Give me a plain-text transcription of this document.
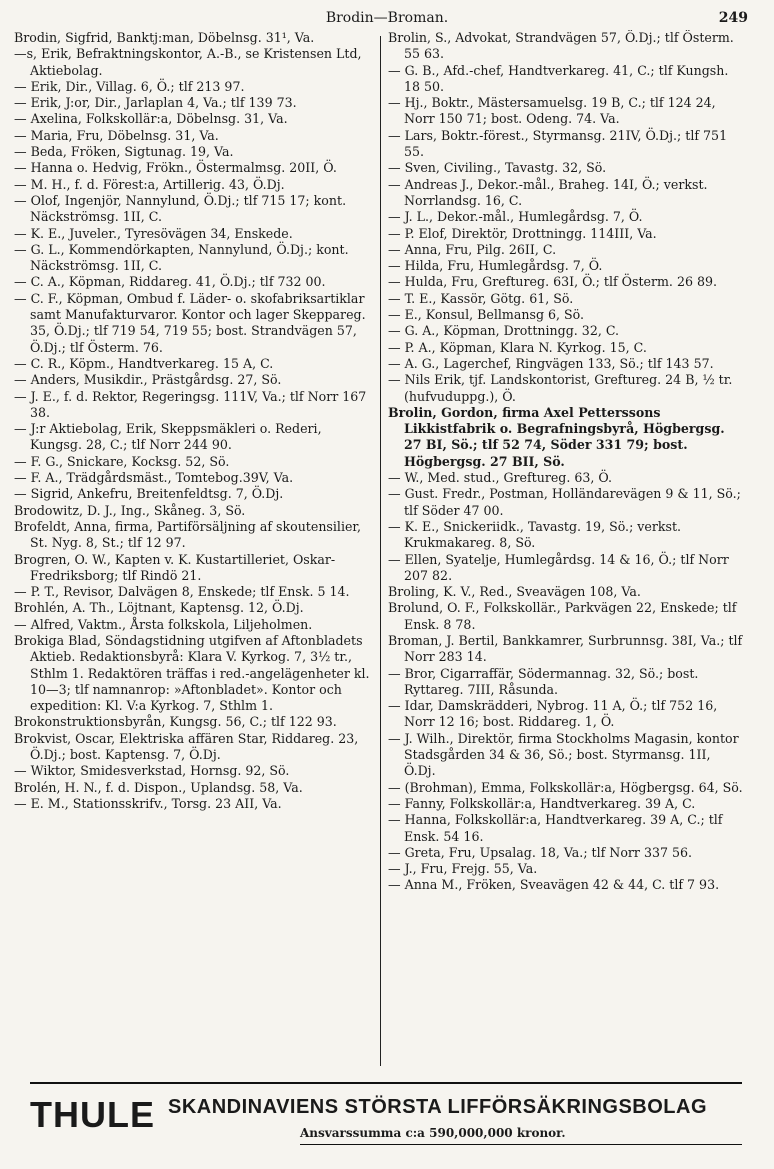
Brodin—Broman.	249
Brodin, Sigfrid, Banktj:man, Döbelnsg. 31¹, Va.
—s, Erik, Befraktningskontor, A.-B., se Kristensen Ltd, Aktiebolag.
— Erik, Dir., Villag. 6, Ö.; tlf 213 97.
— Erik, J:or, Dir., Jarlaplan 4, Va.; tlf 139 73.
— Axelina, Folkskollär:a, Döbelnsg. 31, Va.
— Maria, Fru, Döbelnsg. 31, Va.
— Beda, Fröken, Sigtunag. 19, Va.
— Hanna o. Hedvig, Frökn., Östermalmsg. 20II, Ö.
— M. H., f. d. Förest:a, Artillerig. 43, Ö.Dj.
— Olof, Ingenjör, Nannylund, Ö.Dj.; tlf 715 17; kont. Näckströmsg. 1II, C.
— K. E., Juveler., Tyresövägen 34, Enskede.
— G. L., Kommendörkapten, Nannylund, Ö.Dj.; kont. Näckströmsg. 1II, C.
— C. A., Köpman, Riddareg. 41, Ö.Dj.; tlf 732 00.
— C. F., Köpman, Ombud f. Läder- o. skofabriksartiklar samt Manufakturvaror. Kontor och lager Skeppareg. 35, Ö.Dj.; tlf 719 54, 719 55; bost. Strandvägen 57, Ö.Dj.; tlf Österm. 76.
— C. R., Köpm., Handtverkareg. 15 A, C.
— Anders, Musikdir., Prästgårdsg. 27, Sö.
— J. E., f. d. Rektor, Regeringsg. 111V, Va.; tlf Norr 167 38.
— J:r Aktiebolag, Erik, Skeppsmäkleri o. Rederi, Kungsg. 28, C.; tlf Norr 244 90.
— F. G., Snickare, Kocksg. 52, Sö.
— F. A., Trädgårdsmäst., Tomtebog.39V, Va.
— Sigrid, Ankefru, Breitenfeldtsg. 7, Ö.Dj.
Brodowitz, D. J., Ing., Skåneg. 3, Sö.
Brofeldt, Anna, firma, Partiförsäljning af skoutensilier, St. Nyg. 8, St.; tlf 12 97.
Brogren, O. W., Kapten v. K. Kustartilleriet, Oskar-Fredriksborg; tlf Rindö 21.
— P. T., Revisor, Dalvägen 8, Enskede; tlf Ensk. 5 14.
Brohlén, A. Th., Löjtnant, Kaptensg. 12, Ö.Dj.
— Alfred, Vaktm., Årsta folkskola, Liljeholmen.
Brokiga Blad, Söndagstidning utgifven af Aftonbladets Aktieb. Redaktionsbyrå: Klara V. Kyrkog. 7, 3½ tr., Sthlm 1. Redaktören träffas i red.-angelägenheter kl. 10—3; tlf namnanrop: »Aftonbladet». Kontor och expedition: Kl. V:a Kyrkog. 7, Sthlm 1.
Brokonstruktionsbyrån, Kungsg. 56, C.; tlf 122 93.
Brokvist, Oscar, Elektriska affären Star, Riddareg. 23, Ö.Dj.; bost. Kaptensg. 7, Ö.Dj.
— Wiktor, Smidesverkstad, Hornsg. 92, Sö.
Brolén, H. N., f. d. Dispon., Uplandsg. 58, Va.
— E. M., Stationsskrifv., Torsg. 23 AII, Va.
Brolin, S., Advokat, Strandvägen 57, Ö.Dj.; tlf Österm. 55 63.
— G. B., Afd.-chef, Handtverkareg. 41, C.; tlf Kungsh. 18 50.
— Hj., Boktr., Mästersamuelsg. 19 B, C.; tlf 124 24, Norr 150 71; bost. Odeng. 74. Va.
— Lars, Boktr.-förest., Styrmansg. 21IV, Ö.Dj.; tlf 751 55.
— Sven, Civiling., Tavastg. 32, Sö.
— Andreas J., Dekor.-mål., Braheg. 14I, Ö.; verkst. Norrlandsg. 16, C.
— J. L., Dekor.-mål., Humlegårdsg. 7, Ö.
— P. Elof, Direktör, Drottningg. 114III, Va.
— Anna, Fru, Pilg. 26II, C.
— Hilda, Fru, Humlegårdsg. 7, Ö.
— Hulda, Fru, Greftureg. 63I, Ö.; tlf Österm. 26 89.
— T. E., Kassör, Götg. 61, Sö.
— E., Konsul, Bellmansg 6, Sö.
— G. A., Köpman, Drottningg. 32, C.
— P. A., Köpman, Klara N. Kyrkog. 15, C.
— A. G., Lagerchef, Ringvägen 133, Sö.; tlf 143 57.
— Nils Erik, tjf. Landskontorist, Greftureg. 24 B, ½ tr. (hufvuduppg.), Ö.
Brolin, Gordon, firma Axel Petterssons Likkistfabrik o. Begrafningsbyrå, Högbergsg. 27 BI, Sö.; tlf 52 74, Söder 331 79; bost. Högbergsg. 27 BII, Sö.
— W., Med. stud., Greftureg. 63, Ö.
— Gust. Fredr., Postman, Holländarevägen 9 & 11, Sö.; tlf Söder 47 00.
— K. E., Snickeriidk., Tavastg. 19, Sö.; verkst. Krukmakareg. 8, Sö.
— Ellen, Syatelje, Humlegårdsg. 14 & 16, Ö.; tlf Norr 207 82.
Broling, K. V., Red., Sveavägen 108, Va.
Brolund, O. F., Folkskollär., Parkvägen 22, Enskede; tlf Ensk. 8 78.
Broman, J. Bertil, Bankkamrer, Surbrunnsg. 38I, Va.; tlf Norr 283 14.
— Bror, Cigarraffär, Södermannag. 32, Sö.; bost. Ryttareg. 7III, Råsunda.
— Idar, Damskrädderi, Nybrog. 11 A, Ö.; tlf 752 16, Norr 12 16; bost. Riddareg. 1, Ö.
— J. Wilh., Direktör, firma Stockholms Magasin, kontor Stadsgården 34 & 36, Sö.; bost. Styrmansg. 1II, Ö.Dj.
— (Brohman), Emma, Folkskollär:a, Högbergsg. 64, Sö.
— Fanny, Folkskollär:a, Handtverkareg. 39 A, C.
— Hanna, Folkskollär:a, Handtverkareg. 39 A, C.; tlf Ensk. 54 16.
— Greta, Fru, Upsalag. 18, Va.; tlf Norr 337 56.
— J., Fru, Frejg. 55, Va.
— Anna M., Fröken, Sveavägen 42 & 44, C. tlf 7 93.
THULE SKANDINAVIENS STÖRSTA LIFFÖRSÄKRINGSBOLAG
Ansvarssumma c:a 590,000,000 kronor.
